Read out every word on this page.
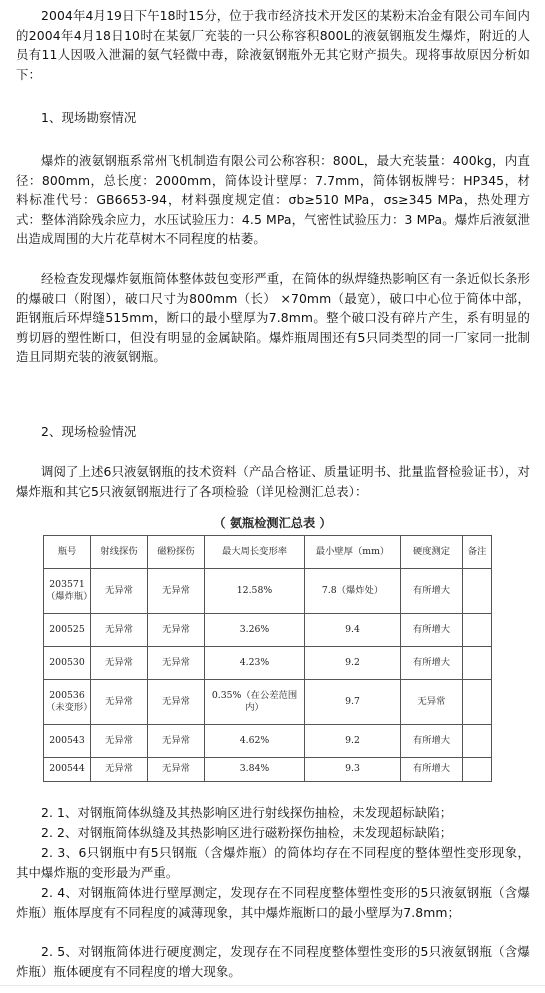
2004年4月19日下午18时15分，位于我市经济技术开发区的某粉末冶金有限公司车间内的2004年4月18日10时在某氨厂充装的一只公称容积800L的液氨钢瓶发生爆炸，附近的人员有11人因吸入泄漏的氨气轻微中毒，除液氨钢瓶外无其它财产损失。现将事故原因分析如下：

1、现场勘察情况

爆炸的液氨钢瓶系常州飞机制造有限公司公称容积：800L，最大充装量：400kg，内直径：800mm，总长度：2000mm，简体设计壁厚：7.7mm，简体钢板牌号：HP345，材料标准代号：GB6653-94，材料强度规定值：σb≥510 MPa，σs≥345 MPa，热处理方式：整体消除残余应力，水压试验压力：4.5 MPa，气密性试验压力：3 MPa。爆炸后液氨泄出造成周围的大片花草树木不同程度的枯萎。

经检查发现爆炸氨瓶简体整体鼓包变形严重，在简体的纵焊缝热影响区有一条近似长条形的爆破口（附图），破口尺寸为800mm（长） ×70mm（最宽），破口中心位于简体中部，距钢瓶后环焊缝515mm，断口的最小壁厚为7.8mm。整个破口没有碎片产生，系有明显的剪切唇的塑性断口，但没有明显的金属缺陷。爆炸瓶周围还有5只同类型的同一厂家同一批制造且同期充装的液氨钢瓶。

2、现场检验情况

调阅了上述6只液氨钢瓶的技术资料（产品合格证、质量证明书、批量监督检验证书），对爆炸瓶和其它5只液氨钢瓶进行了各项检验（详见检测汇总表）：

（ 氨瓶检测汇总表 ）
瓶号	射线探伤	磁粉探伤	最大周长变形率	最小壁厚（mm）	硬度测定	备注
203571（爆炸瓶）	无异常	无异常	12.58%	7.8（爆炸处）	有所增大	
200525	无异常	无异常	3.26%	9.4	有所增大	
200530	无异常	无异常	4.23%	9.2	有所增大	
200536（未变形）	无异常	无异常	0.35%（在公差范围内）	9.7	无异常	
200543	无异常	无异常	4.62%	9.2	有所增大	
200544	无异常	无异常	3.84%	9.3	有所增大	

2. 1、对钢瓶简体纵缝及其热影响区进行射线探伤抽检，未发现超标缺陷；

2. 2、对钢瓶简体纵缝及其热影响区进行磁粉探伤抽检，未发现超标缺陷；

2. 3、6只钢瓶中有5只钢瓶（含爆炸瓶）的简体均存在不同程度的整体塑性变形现象，其中爆炸瓶的变形最为严重。

2. 4、对钢瓶简体进行壁厚测定，发现存在不同程度整体塑性变形的5只液氨钢瓶（含爆炸瓶）瓶体厚度有不同程度的减薄现象，其中爆炸瓶断口的最小壁厚为7.8mm；

2. 5、对钢瓶简体进行硬度测定，发现存在不同程度整体塑性变形的5只液氨钢瓶（含爆炸瓶）瓶体硬度有不同程度的增大现象。
